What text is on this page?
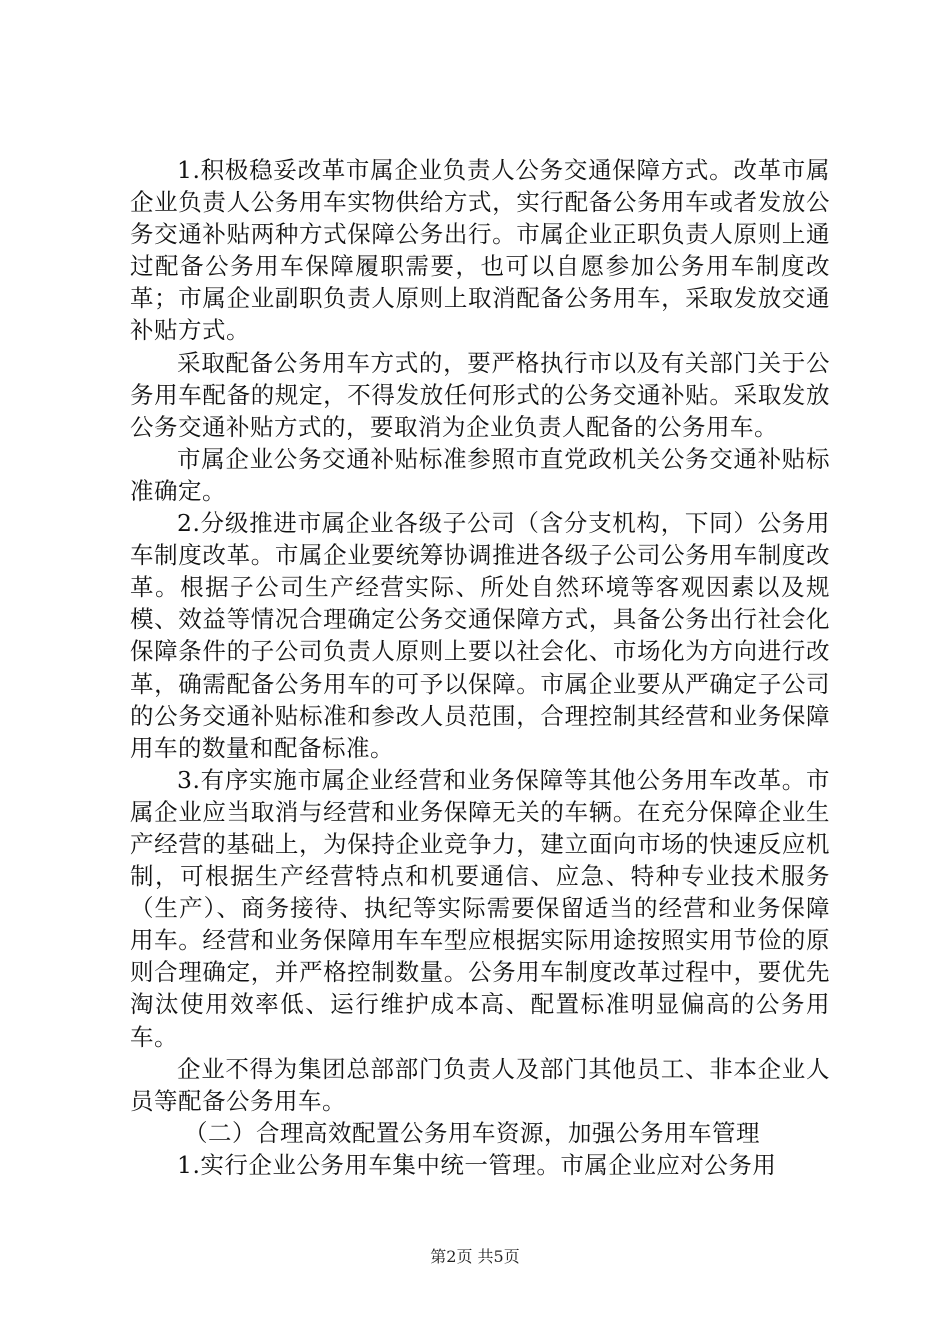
1.积极稳妥改革市属企业负责人公务交通保障方式。改革市属企业负责人公务用车实物供给方式，实行配备公务用车或者发放公务交通补贴两种方式保障公务出行。市属企业正职负责人原则上通过配备公务用车保障履职需要，也可以自愿参加公务用车制度改革；市属企业副职负责人原则上取消配备公务用车，采取发放交通补贴方式。

采取配备公务用车方式的，要严格执行市以及有关部门关于公务用车配备的规定，不得发放任何形式的公务交通补贴。采取发放公务交通补贴方式的，要取消为企业负责人配备的公务用车。

市属企业公务交通补贴标准参照市直党政机关公务交通补贴标准确定。

2.分级推进市属企业各级子公司（含分支机构，下同）公务用车制度改革。市属企业要统筹协调推进各级子公司公务用车制度改革。根据子公司生产经营实际、所处自然环境等客观因素以及规模、效益等情况合理确定公务交通保障方式，具备公务出行社会化保障条件的子公司负责人原则上要以社会化、市场化为方向进行改革，确需配备公务用车的可予以保障。市属企业要从严确定子公司的公务交通补贴标准和参改人员范围，合理控制其经营和业务保障用车的数量和配备标准。

3.有序实施市属企业经营和业务保障等其他公务用车改革。市属企业应当取消与经营和业务保障无关的车辆。在充分保障企业生产经营的基础上，为保持企业竞争力，建立面向市场的快速反应机制，可根据生产经营特点和机要通信、应急、特种专业技术服务（生产）、商务接待、执纪等实际需要保留适当的经营和业务保障用车。经营和业务保障用车车型应根据实际用途按照实用节俭的原则合理确定，并严格控制数量。公务用车制度改革过程中，要优先淘汰使用效率低、运行维护成本高、配置标准明显偏高的公务用车。

企业不得为集团总部部门负责人及部门其他员工、非本企业人员等配备公务用车。

（二）合理高效配置公务用车资源，加强公务用车管理

1.实行企业公务用车集中统一管理。市属企业应对公务用

第2页 共5页
